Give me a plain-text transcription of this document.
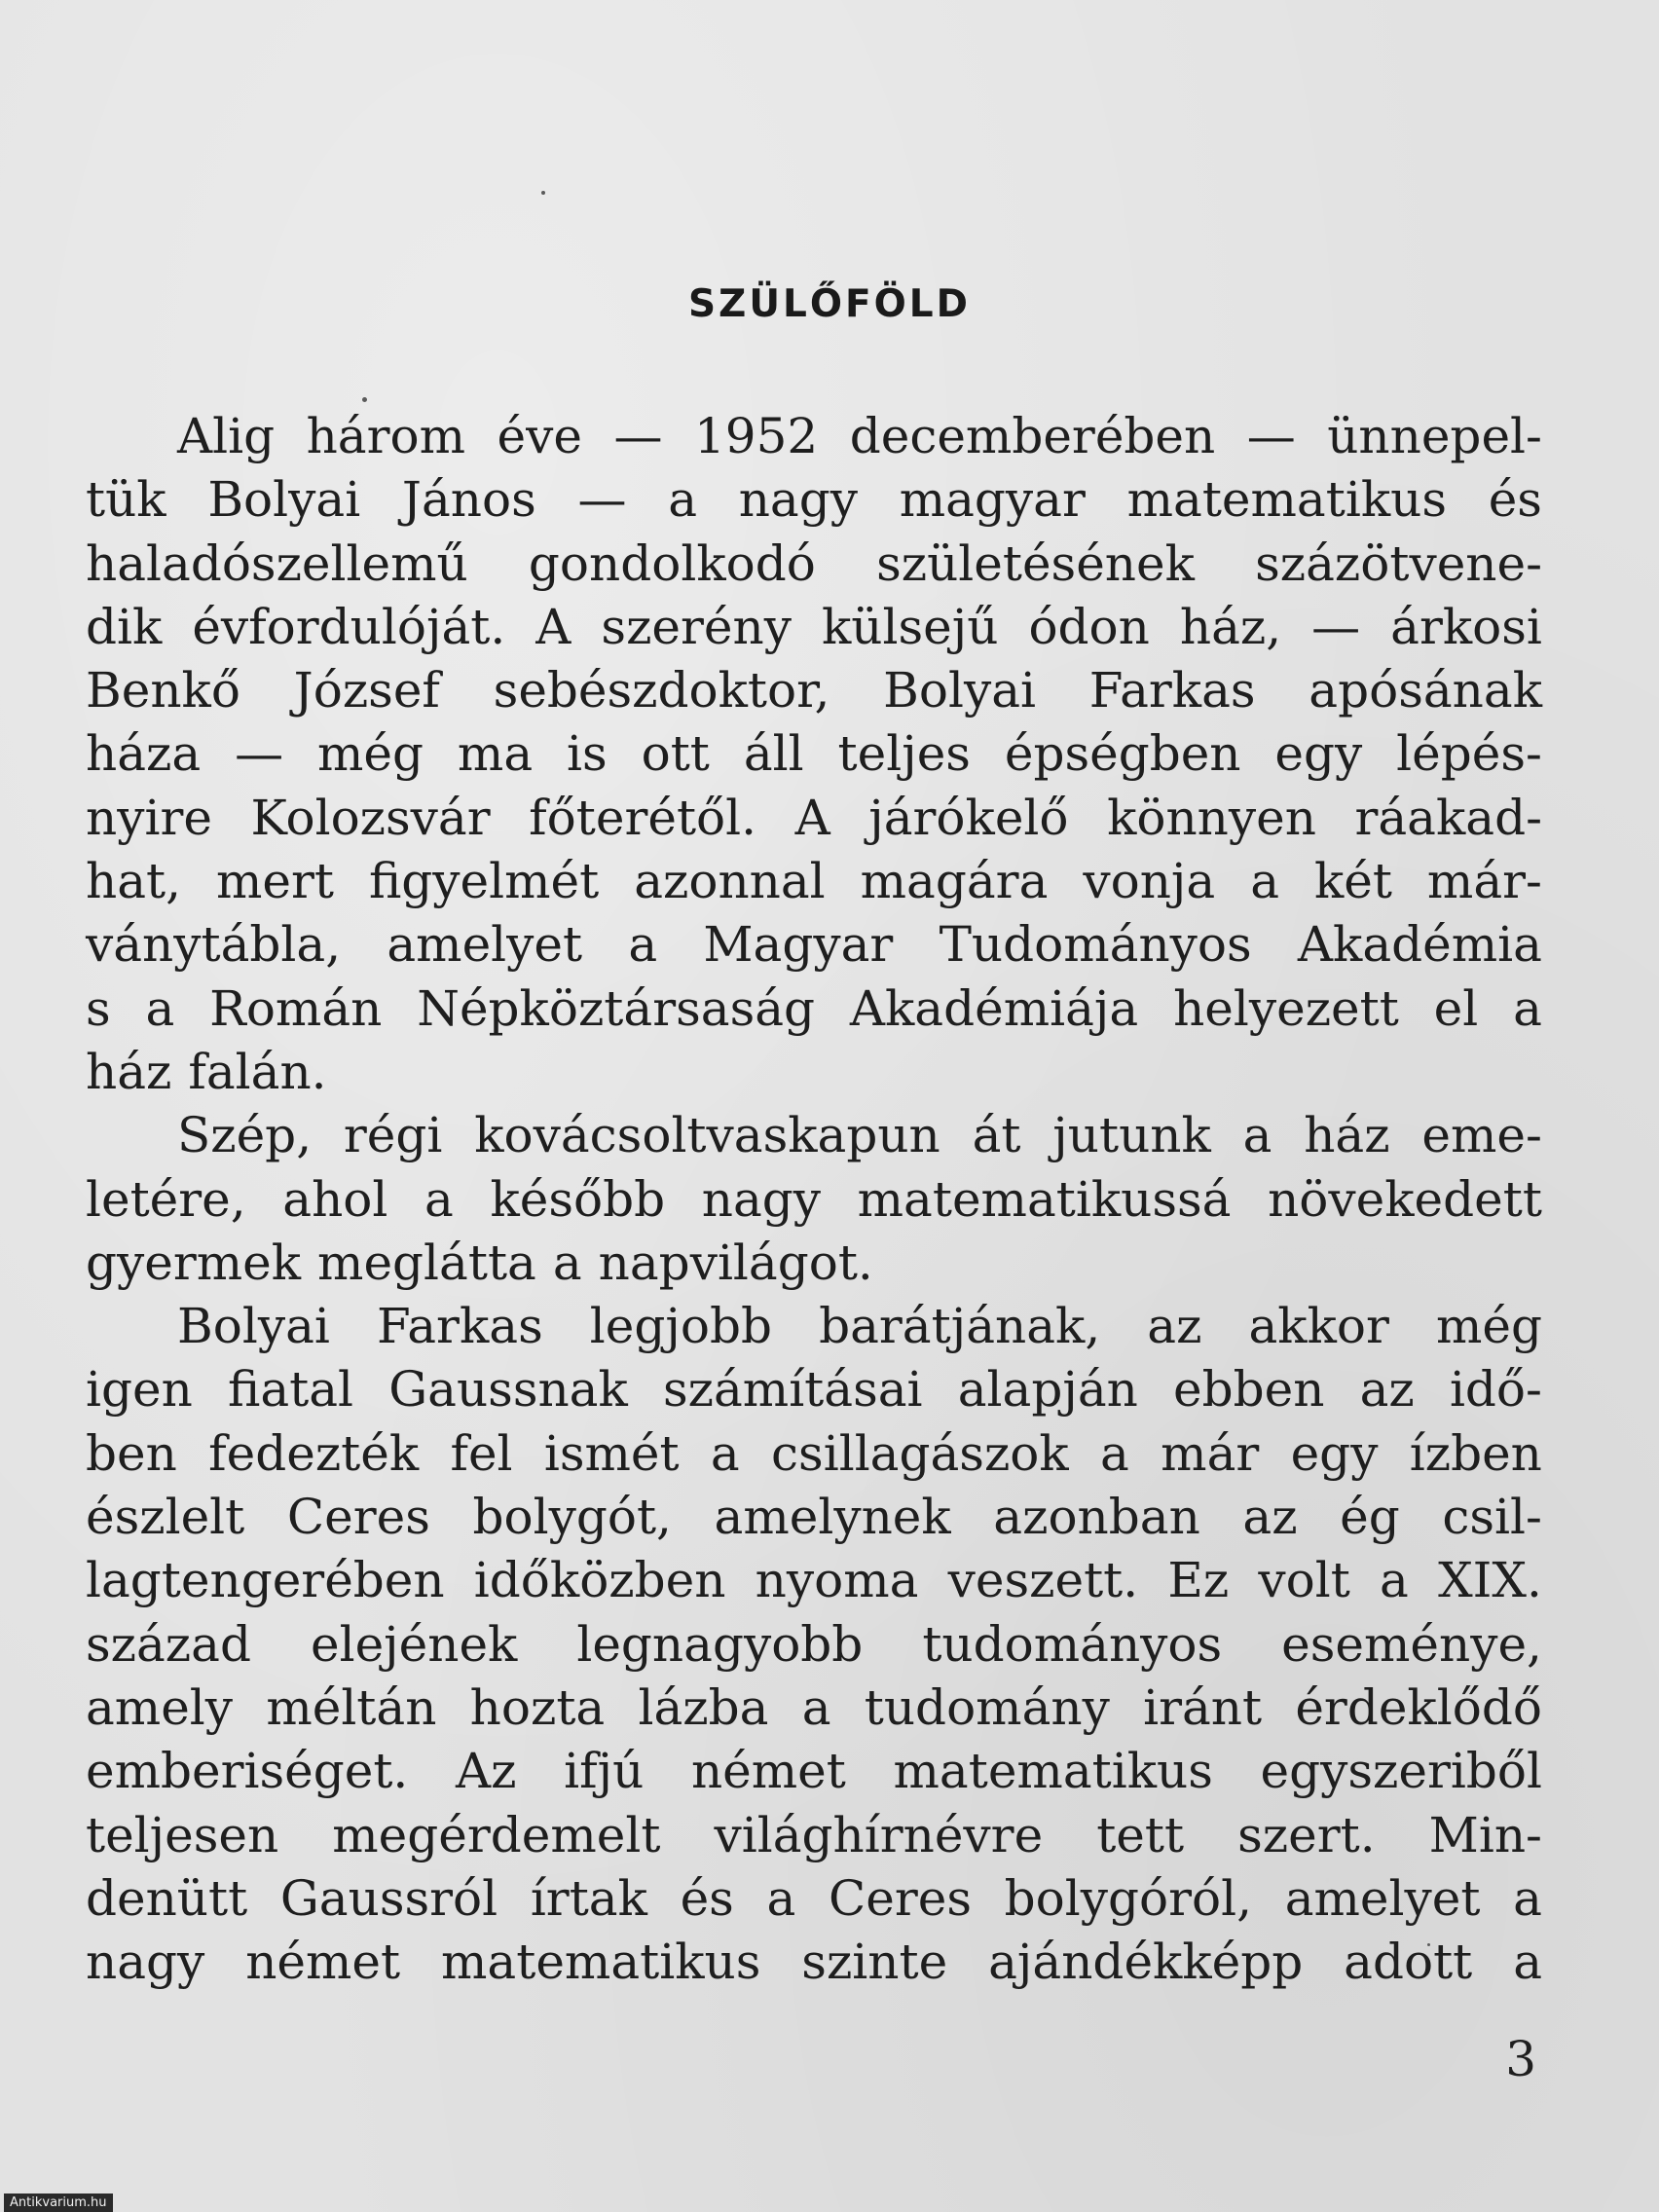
SZÜLŐFÖLD
Alig három éve — 1952 decemberében — ünnepel-
tük Bolyai János — a nagy magyar matematikus és
haladószellemű gondolkodó születésének százötvene-
dik évfordulóját. A szerény külsejű ódon ház, — árkosi
Benkő József sebészdoktor, Bolyai Farkas apósának
háza — még ma is ott áll teljes épségben egy lépés-
nyire Kolozsvár főterétől. A járókelő könnyen ráakad-
hat, mert figyelmét azonnal magára vonja a két már-
ványtábla, amelyet a Magyar Tudományos Akadémia
s a Román Népköztársaság Akadémiája helyezett el a
ház falán.
Szép, régi kovácsoltvaskapun át jutunk a ház eme-
letére, ahol a később nagy matematikussá növekedett
gyermek meglátta a napvilágot.
Bolyai Farkas legjobb barátjának, az akkor még
igen fiatal Gaussnak számításai alapján ebben az idő-
ben fedezték fel ismét a csillagászok a már egy ízben
észlelt Ceres bolygót, amelynek azonban az ég csil-
lagtengerében időközben nyoma veszett. Ez volt a XIX.
század elejének legnagyobb tudományos eseménye,
amely méltán hozta lázba a tudomány iránt érdeklődő
emberiséget. Az ifjú német matematikus egyszeriből
teljesen megérdemelt világhírnévre tett szert. Min-
denütt Gaussról írtak és a Ceres bolygóról, amelyet a
nagy német matematikus szinte ajándékképp adott a
3
Antikvarium.hu
